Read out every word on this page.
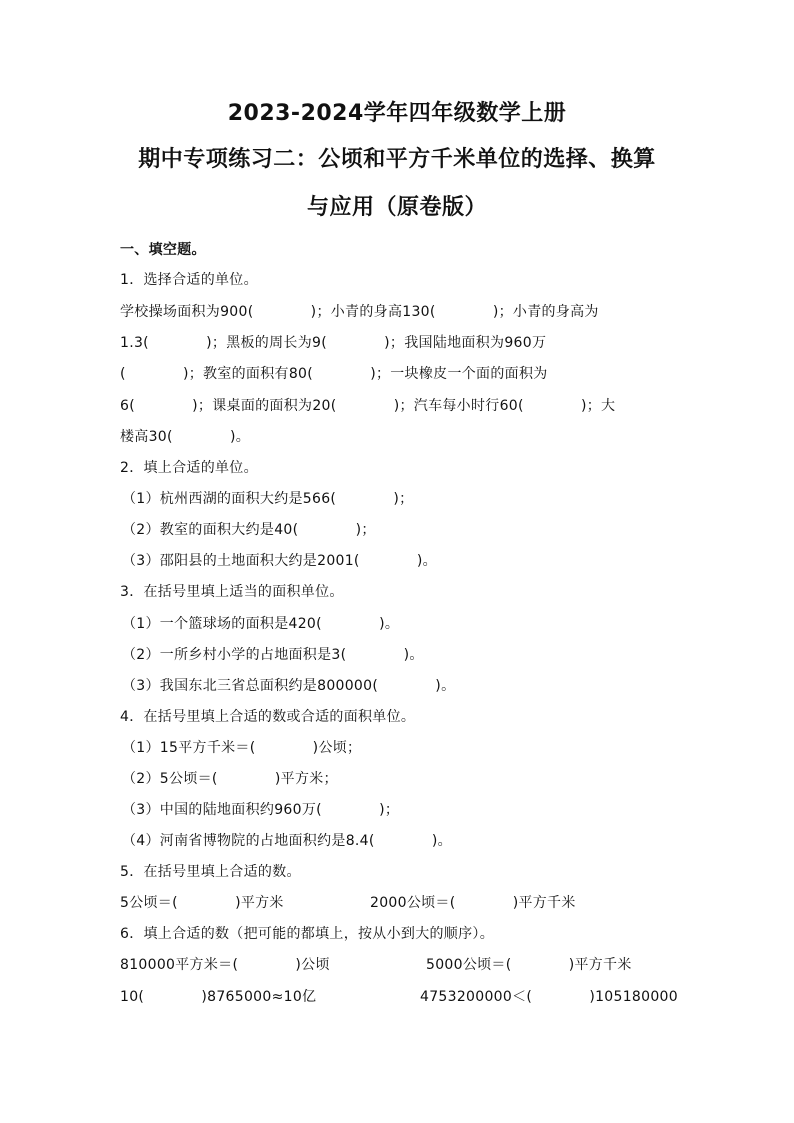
2023-2024学年四年级数学上册
期中专项练习二：公顷和平方千米单位的选择、换算
与应用（原卷版）
一、填空题。
1．选择合适的单位。
学校操场面积为900(　　　　)；小青的身高130(　　　　)；小青的身高为
1.3(　　　　)；黑板的周长为9(　　　　)；我国陆地面积为960万
(　　　　)；教室的面积有80(　　　　)；一块橡皮一个面的面积为
6(　　　　)；课桌面的面积为20(　　　　)；汽车每小时行60(　　　　)；大
楼高30(　　　　)。
2．填上合适的单位。
（1）杭州西湖的面积大约是566(　　　　)；
（2）教室的面积大约是40(　　　　)；
（3）邵阳县的土地面积大约是2001(　　　　)。
3．在括号里填上适当的面积单位。
（1）一个篮球场的面积是420(　　　　)。
（2）一所乡村小学的占地面积是3(　　　　)。
（3）我国东北三省总面积约是800000(　　　　)。
4．在括号里填上合适的数或合适的面积单位。
（1）15平方千米＝(　　　　)公顷；
（2）5公顷＝(　　　　)平方米；
（3）中国的陆地面积约960万(　　　　)；
（4）河南省博物院的占地面积约是8.4(　　　　)。
5．在括号里填上合适的数。
5公顷＝(　　　　)平方米	2000公顷＝(　　　　)平方千米
6．填上合适的数（把可能的都填上，按从小到大的顺序）。
810000平方米＝(　　　　)公顷	5000公顷＝(　　　　)平方千米
10(　　　　)8765000≈10亿	4753200000＜(　　　　)105180000
